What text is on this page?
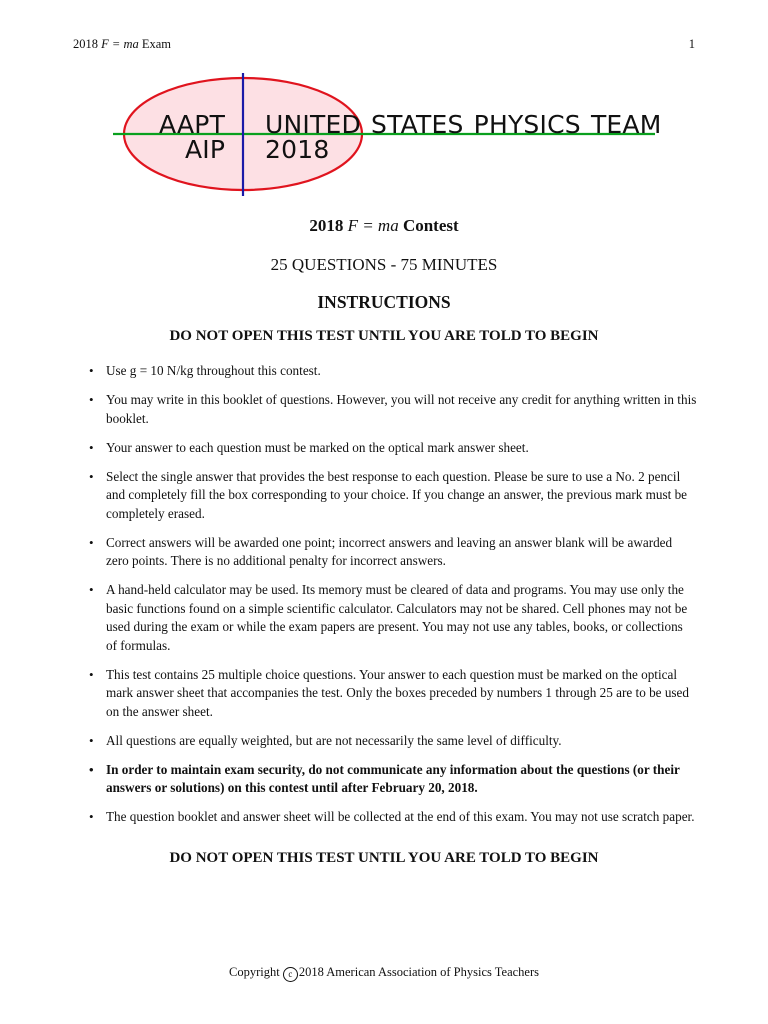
2018 F = ma Exam	1
AAPT
AIP
UNITED STATES PHYSICS TEAM
2018
2018 F = ma Contest
25 QUESTIONS - 75 MINUTES
INSTRUCTIONS
DO NOT OPEN THIS TEST UNTIL YOU ARE TOLD TO BEGIN
• Use g = 10 N/kg throughout this contest.
• You may write in this booklet of questions. However, you will not receive any credit for anything written in this booklet.
• Your answer to each question must be marked on the optical mark answer sheet.
• Select the single answer that provides the best response to each question. Please be sure to use a No. 2 pencil and completely fill the box corresponding to your choice. If you change an answer, the previous mark must be completely erased.
• Correct answers will be awarded one point; incorrect answers and leaving an answer blank will be awarded zero points. There is no additional penalty for incorrect answers.
• A hand-held calculator may be used. Its memory must be cleared of data and programs. You may use only the basic functions found on a simple scientific calculator. Calculators may not be shared. Cell phones may not be used during the exam or while the exam papers are present. You may not use any tables, books, or collections of formulas.
• This test contains 25 multiple choice questions. Your answer to each question must be marked on the optical mark answer sheet that accompanies the test. Only the boxes preceded by numbers 1 through 25 are to be used on the answer sheet.
• All questions are equally weighted, but are not necessarily the same level of difficulty.
• In order to maintain exam security, do not communicate any information about the questions (or their answers or solutions) on this contest until after February 20, 2018.
• The question booklet and answer sheet will be collected at the end of this exam. You may not use scratch paper.
DO NOT OPEN THIS TEST UNTIL YOU ARE TOLD TO BEGIN
Copyright c 2018 American Association of Physics Teachers
